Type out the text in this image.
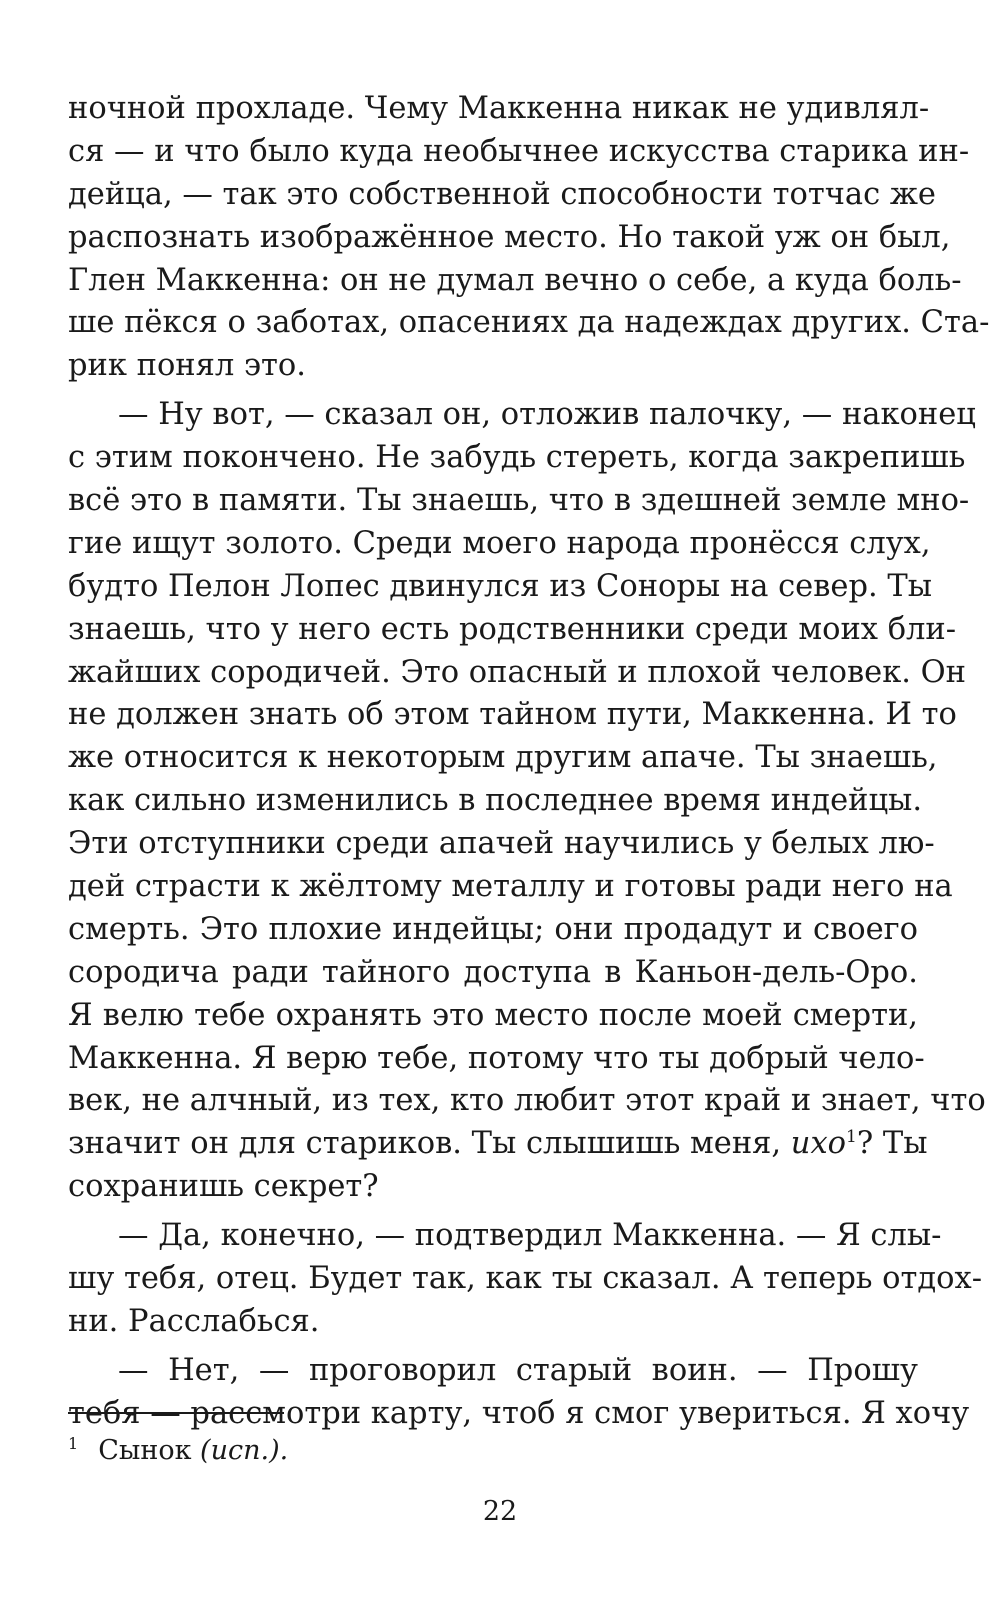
ночной прохладе. Чему Маккенна никак не удивлял-
ся — и что было куда необычнее искусства старика ин-
дейца, — так это собственной способности тотчас же
распознать изображённое место. Но такой уж он был,
Глен Маккенна: он не думал вечно о себе, а куда боль-
ше пёкся о заботах, опасениях да надеждах других. Ста-
рик понял это.
— Ну вот, — сказал он, отложив палочку, — наконец
с этим покончено. Не забудь стереть, когда закрепишь
всё это в памяти. Ты знаешь, что в здешней земле мно-
гие ищут золото. Среди моего народа пронёсся слух,
будто Пелон Лопес двинулся из Соноры на север. Ты
знаешь, что у него есть родственники среди моих бли-
жайших сородичей. Это опасный и плохой человек. Он
не должен знать об этом тайном пути, Маккенна. И то
же относится к некоторым другим апаче. Ты знаешь,
как сильно изменились в последнее время индейцы.
Эти отступники среди апачей научились у белых лю-
дей страсти к жёлтому металлу и готовы ради него на
смерть. Это плохие индейцы; они продадут и своего
сородича ради тайного доступа в Каньон-дель-Оро.
Я велю тебе охранять это место после моей смерти,
Маккенна. Я верю тебе, потому что ты добрый чело-
век, не алчный, из тех, кто любит этот край и знает, что
значит он для стариков. Ты слышишь меня, ихо$^1$? Ты
сохранишь секрет?
— Да, конечно, — подтвердил Маккенна. — Я слы-
шу тебя, отец. Будет так, как ты сказал. А теперь отдох-
ни. Расслабься.
— Нет, — проговорил старый воин. — Прошу
тебя — рассмотри карту, чтоб я смог увериться. Я хочу
$^1$ Сынок (исп.).
22
